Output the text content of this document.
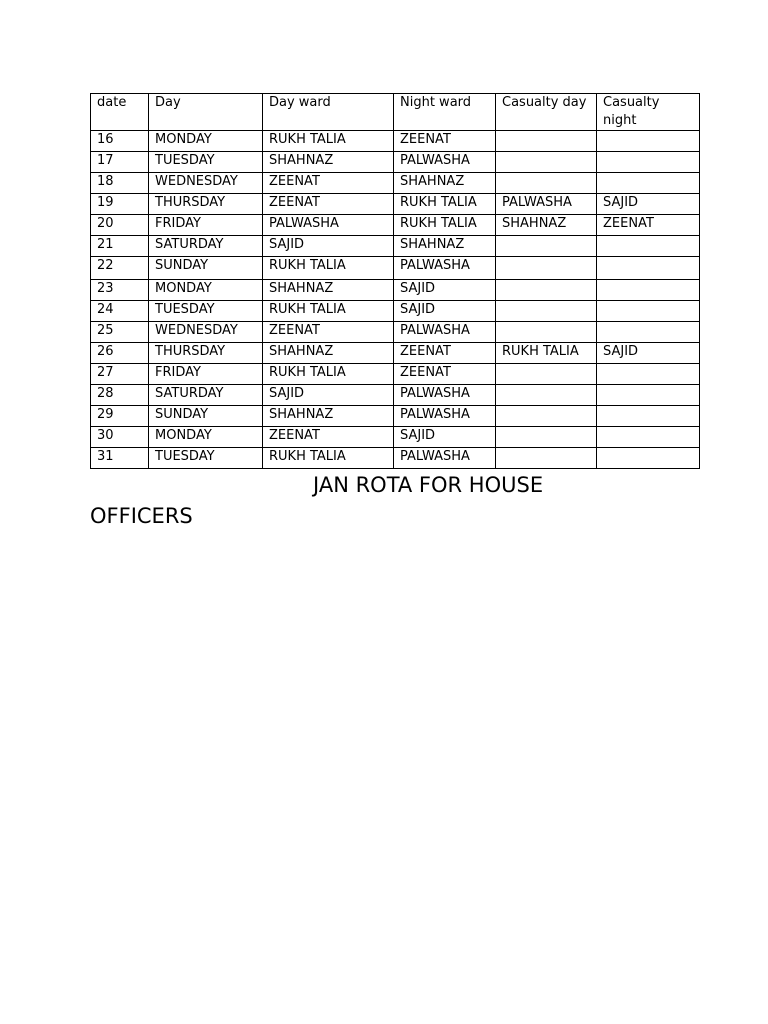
date	Day	Day ward	Night ward	Casualty day	Casualty night
16	MONDAY	RUKH TALIA	ZEENAT		
17	TUESDAY	SHAHNAZ	PALWASHA		
18	WEDNESDAY	ZEENAT	SHAHNAZ		
19	THURSDAY	ZEENAT	RUKH TALIA	PALWASHA	SAJID
20	FRIDAY	PALWASHA	RUKH TALIA	SHAHNAZ	ZEENAT
21	SATURDAY	SAJID	SHAHNAZ		
22	SUNDAY	RUKH TALIA	PALWASHA		
23	MONDAY	SHAHNAZ	SAJID		
24	TUESDAY	RUKH TALIA	SAJID		
25	WEDNESDAY	ZEENAT	PALWASHA		
26	THURSDAY	SHAHNAZ	ZEENAT	RUKH TALIA	SAJID
27	FRIDAY	RUKH TALIA	ZEENAT		
28	SATURDAY	SAJID	PALWASHA		
29	SUNDAY	SHAHNAZ	PALWASHA		
30	MONDAY	ZEENAT	SAJID		
31	TUESDAY	RUKH TALIA	PALWASHA		
JAN ROTA FOR HOUSE
OFFICERS
